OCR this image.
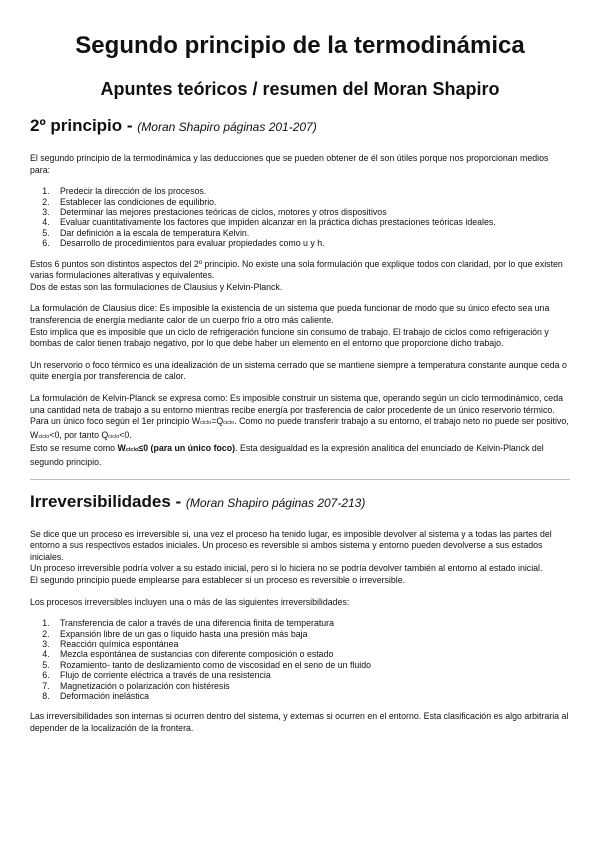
Segundo principio de la termodinámica
Apuntes teóricos / resumen del Moran Shapiro
2º principio - (Moran Shapiro páginas 201-207)

El segundo principio de la termodinámica y las deducciones que se pueden obtener de él son útiles porque nos proporcionan medios para:

1. Predecir la dirección de los procesos.
2. Establecer las condiciones de equilibrio.
3. Determinar las mejores prestaciones teóricas de ciclos, motores y otros dispositivos
4. Evaluar cuantitativamente los factores que impiden alcanzar en la práctica dichas prestaciones teóricas ideales.
5. Dar definición a la escala de temperatura Kelvin.
6. Desarrollo de procedimientos para evaluar propiedades como u y h.

Estos 6 puntos son distintos aspectos del 2º principio. No existe una sola formulación que explique todos con claridad, por lo que existen varias formulaciones alterativas y equivalentes.

Dos de estas son las formulaciones de Clausius y Kelvin-Planck.

La formulación de Clausius dice: Es imposible la existencia de un sistema que pueda funcionar de modo que su único efecto sea una transferencia de energía mediante calor de un cuerpo frío a otro más caliente.

Esto implica que es imposible que un ciclo de refrigeración funcione sin consumo de trabajo. El trabajo de ciclos como refrigeración y bombas de calor tienen trabajo negativo, por lo que debe haber un elemento en el entorno que proporcione dicho trabajo.

Un reservorio o foco térmico es una idealización de un sistema cerrado que se mantiene siempre a temperatura constante aunque ceda o quite energía por transferencia de calor.

La formulación de Kelvin-Planck se expresa como: Es imposible construir un sistema que, operando según un ciclo termodinámico, ceda una cantidad neta de trabajo a su entorno mientras recibe energía por trasferencia de calor procedente de un único reservorio térmico.

Para un único foco según el 1er principio Wciclo=Qciclo. Como no puede transferir trabajo a su entorno, el trabajo neto no puede ser positivo, Wciclo<0, por tanto Qciclo<0.

Esto se resume como Wciclo≤0 (para un único foco). Esta desigualdad es la expresión analítica del enunciado de Kelvin-Planck del segundo principio.

Irreversibilidades - (Moran Shapiro páginas 207-213)

Se dice que un proceso es irreversible si, una vez el proceso ha tenido lugar, es imposible devolver al sistema y a todas las partes del entorno a sus respectivos estados iniciales. Un proceso es reversible si ambos sistema y entorno pueden devolverse a sus estados iniciales.

Un proceso irreversible podría volver a su estado inicial, pero si lo hiciera no se podría devolver también al entorno al estado inicial.

El segundo principio puede emplearse para establecer si un proceso es reversible o irreversible.

Los procesos irreversibles incluyen una o más de las siguientes irreversibilidades:

1. Transferencia de calor a través de una diferencia finita de temperatura
2. Expansión libre de un gas o líquido hasta una presión más baja
3. Reacción química espontánea
4. Mezcla espontánea de sustancias con diferente composición o estado
5. Rozamiento- tanto de deslizamiento como de viscosidad en el seno de un fluido
6. Flujo de corriente eléctrica a través de una resistencia
7. Magnetización o polarización con histéresis
8. Deformación inelástica

Las irreversibilidades son internas si ocurren dentro del sistema, y externas si ocurren en el entorno. Esta clasificación es algo arbitraria al depender de la localización de la frontera.
